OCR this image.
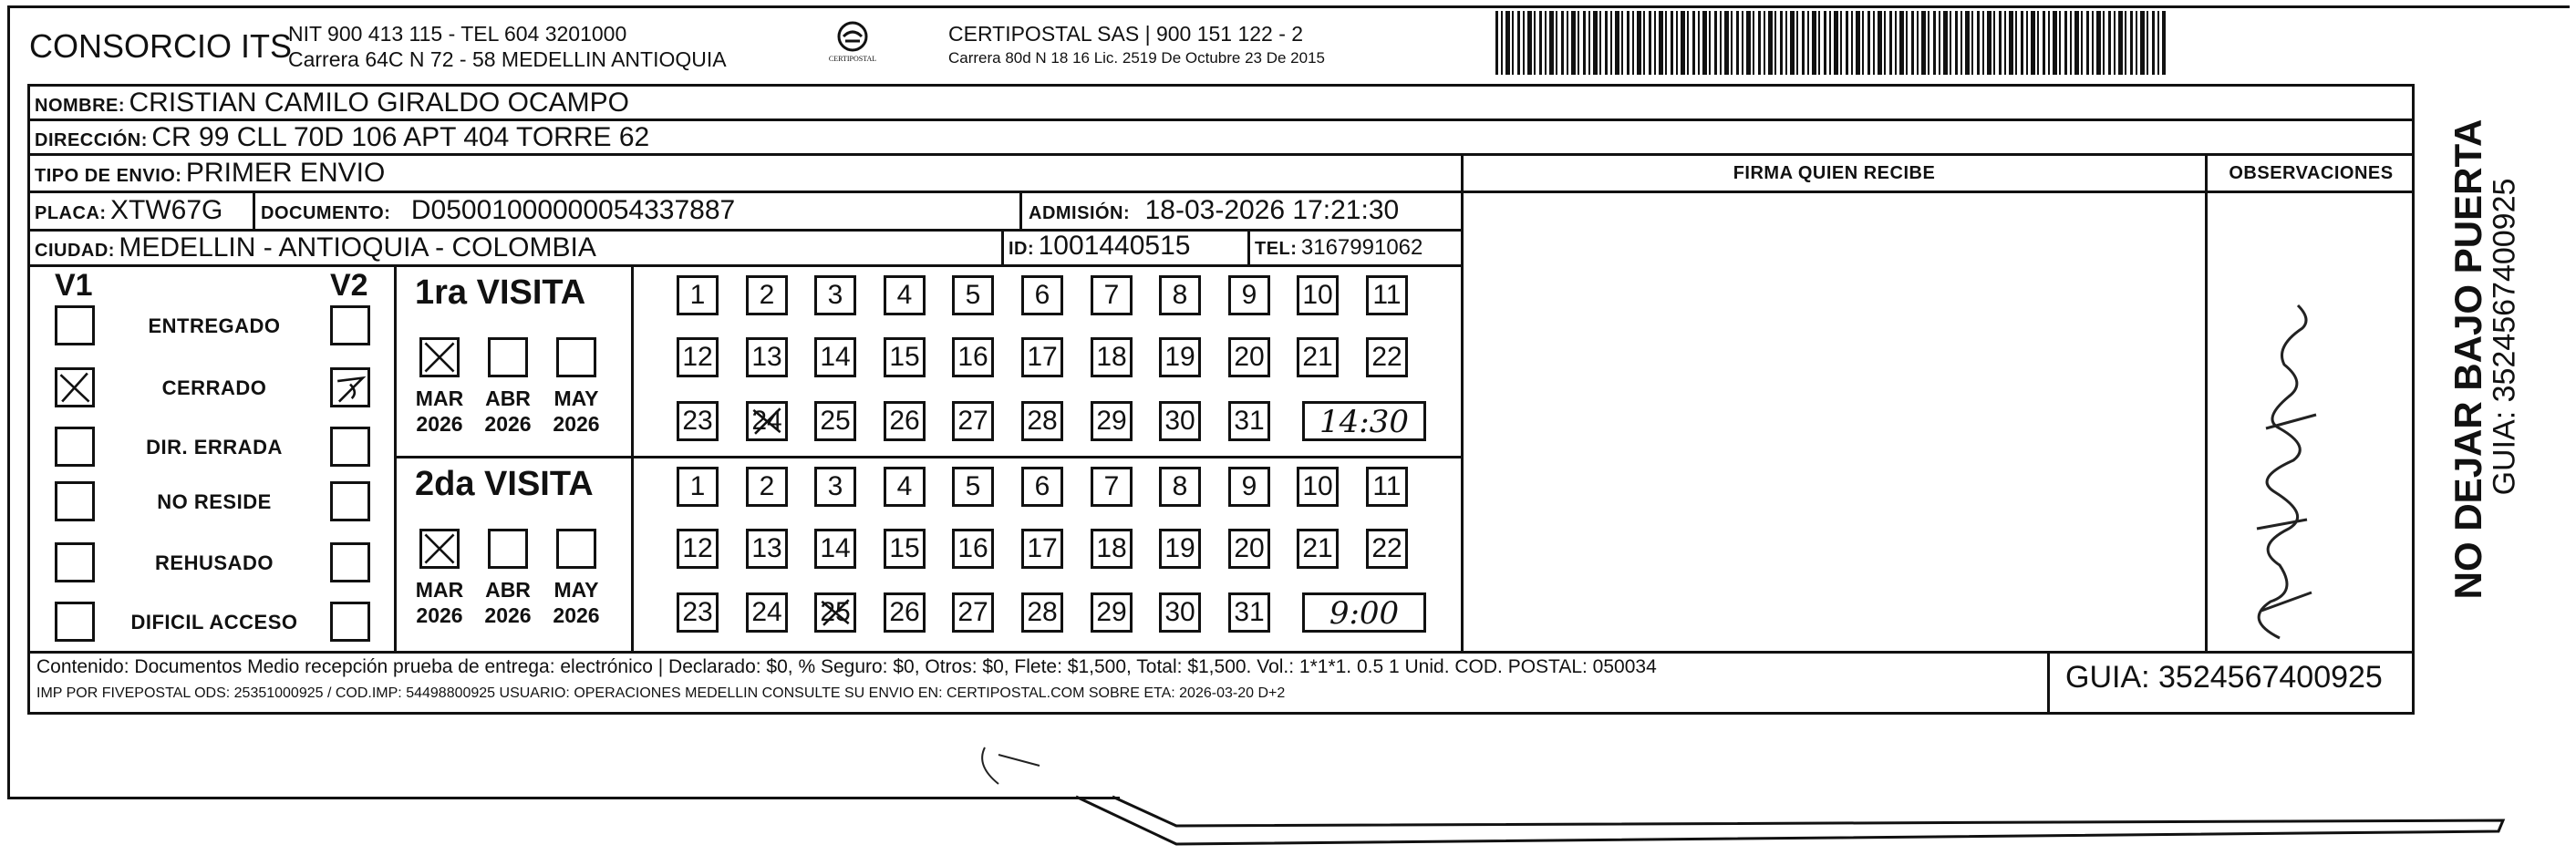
CONSORCIO ITS
NIT 900 413 115 - TEL 604 3201000
Carrera 64C N 72 - 58 MEDELLIN ANTIOQUIA	CERTIPOSTAL
CERTIPOSTAL SAS | 900 151 122 - 2
Carrera 80d N 18 16 Lic. 2519 De Octubre 23 De 2015
NOMBRE: CRISTIAN CAMILO GIRALDO OCAMPO
DIRECCIÓN: CR 99 CLL 70D 106 APT 404 TORRE 62
TIPO DE ENVIO: PRIMER ENVIO	FIRMA QUIEN RECIBE	OBSERVACIONES
PLACA: XTW67G DOCUMENTO: D05001000000054337887	ADMISIÓN: 18-03-2026 17:21:30
CIUDAD: MEDELLIN - ANTIOQUIA - COLOMBIA	ID: 1001440515	TEL: 3167991062
V1	V2
ENTREGADO
CERRADO
DIR. ERRADA
NO RESIDE
REHUSADO
DIFICIL ACCESO
1ra VISITA
MAR
2026
ABR
2026
MAY
2026
1	2	3	4	5	6	7	8	9	10 11
12 13 14 15 16 17 18 19 20 21 22
23 24 25 26 27 28 29 30 31	14:30
2da VISITA
MAR
2026
ABR
2026
MAY
2026
1	2	3	4	5	6	7	8	9	10 11
12 13 14 15 16 17 18 19 20 21 22
23 24 25 26 27 28 29 30 31	9:00
Contenido: Documentos Medio recepción prueba de entrega: electrónico | Declarado: $0, % Seguro: $0, Otros: $0, Flete: $1,500, Total: $1,500. Vol.: 1*1*1. 0.5 1 Unid. COD. POSTAL: 050034
IMP POR FIVEPOSTAL ODS: 25351000925 / COD.IMP: 54498800925 USUARIO: OPERACIONES MEDELLIN CONSULTE SU ENVIO EN: CERTIPOSTAL.COM SOBRE ETA: 2026-03-20 D+2	GUIA: 3524567400925
NO DEJAR BAJO PUERTA
GUIA: 3524567400925
